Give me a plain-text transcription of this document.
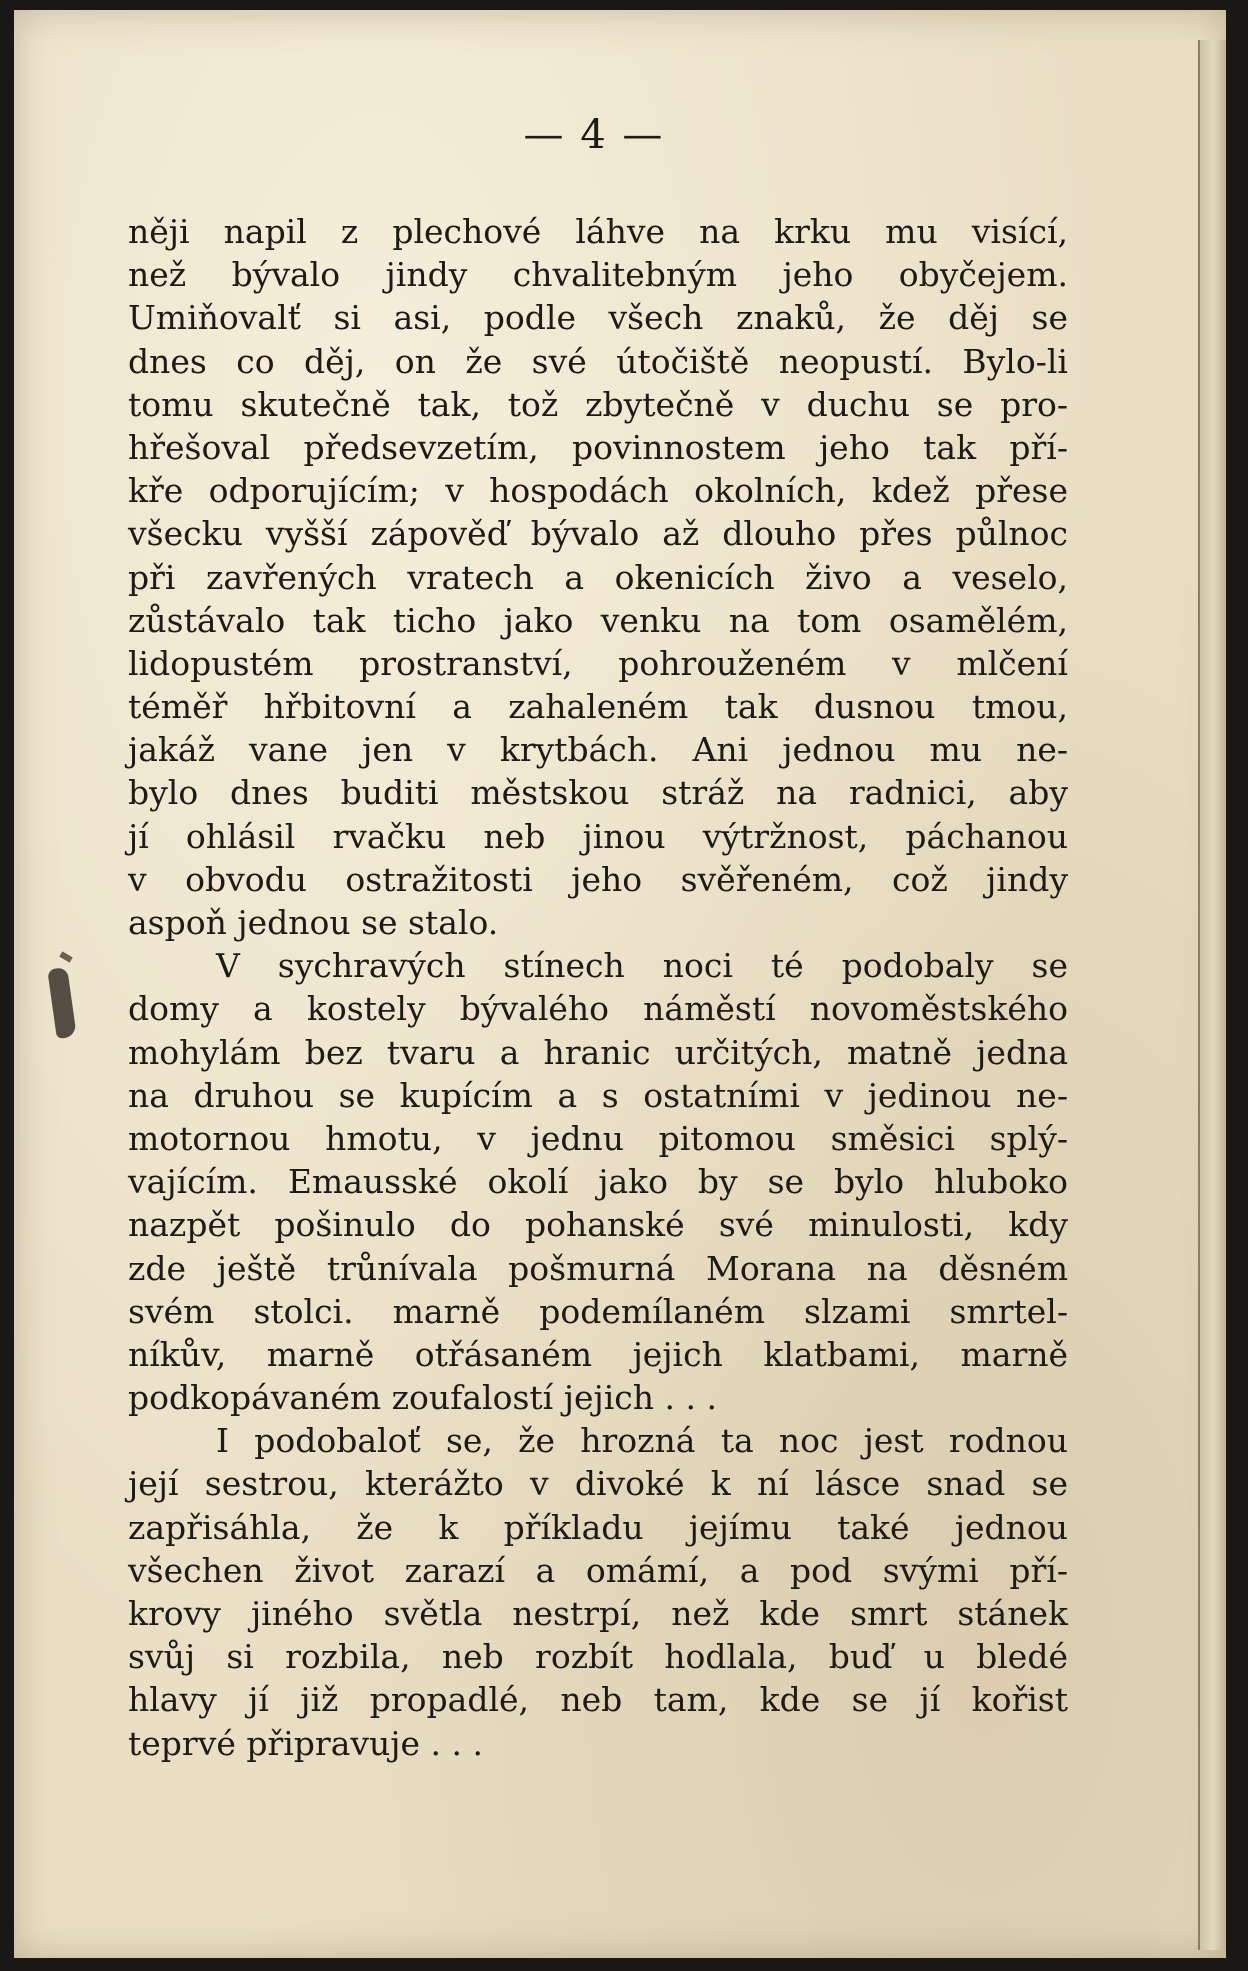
— 4 —
něji napil z plechové láhve na krku mu visící,
než bývalo jindy chvalitebným jeho obyčejem.
Umiňovalť si asi, podle všech znaků, že děj se
dnes co děj, on že své útočiště neopustí. Bylo-li
tomu skutečně tak, tož zbytečně v duchu se pro-
hřešoval předsevzetím, povinnostem jeho tak pří-
kře odporujícím; v hospodách okolních, kdež přese
všecku vyšší zápověď bývalo až dlouho přes půlnoc
při zavřených vratech a okenicích živo a veselo,
zůstávalo tak ticho jako venku na tom osamělém,
lidopustém prostranství, pohrouženém v mlčení
téměř hřbitovní a zahaleném tak dusnou tmou,
jakáž vane jen v krytbách. Ani jednou mu ne-
bylo dnes buditi městskou stráž na radnici, aby
jí ohlásil rvačku neb jinou výtržnost, páchanou
v obvodu ostražitosti jeho svěřeném, což jindy
aspoň jednou se stalo.
V sychravých stínech noci té podobaly se
domy a kostely bývalého náměstí novoměstského
mohylám bez tvaru a hranic určitých, matně jedna
na druhou se kupícím a s ostatními v jedinou ne-
motornou hmotu, v jednu pitomou směsici splý-
vajícím. Emausské okolí jako by se bylo hluboko
nazpět pošinulo do pohanské své minulosti, kdy
zde ještě trůnívala pošmurná Morana na děsném
svém stolci. marně podemílaném slzami smrtel-
níkův, marně otřásaném jejich klatbami, marně
podkopávaném zoufalostí jejich . . .
I podobaloť se, že hrozná ta noc jest rodnou
její sestrou, kterážto v divoké k ní lásce snad se
zapřisáhla, že k příkladu jejímu také jednou
všechen život zarazí a omámí, a pod svými pří-
krovy jiného světla nestrpí, než kde smrt stánek
svůj si rozbila, neb rozbít hodlala, buď u bledé
hlavy jí již propadlé, neb tam, kde se jí kořist
teprvé připravuje . . .
